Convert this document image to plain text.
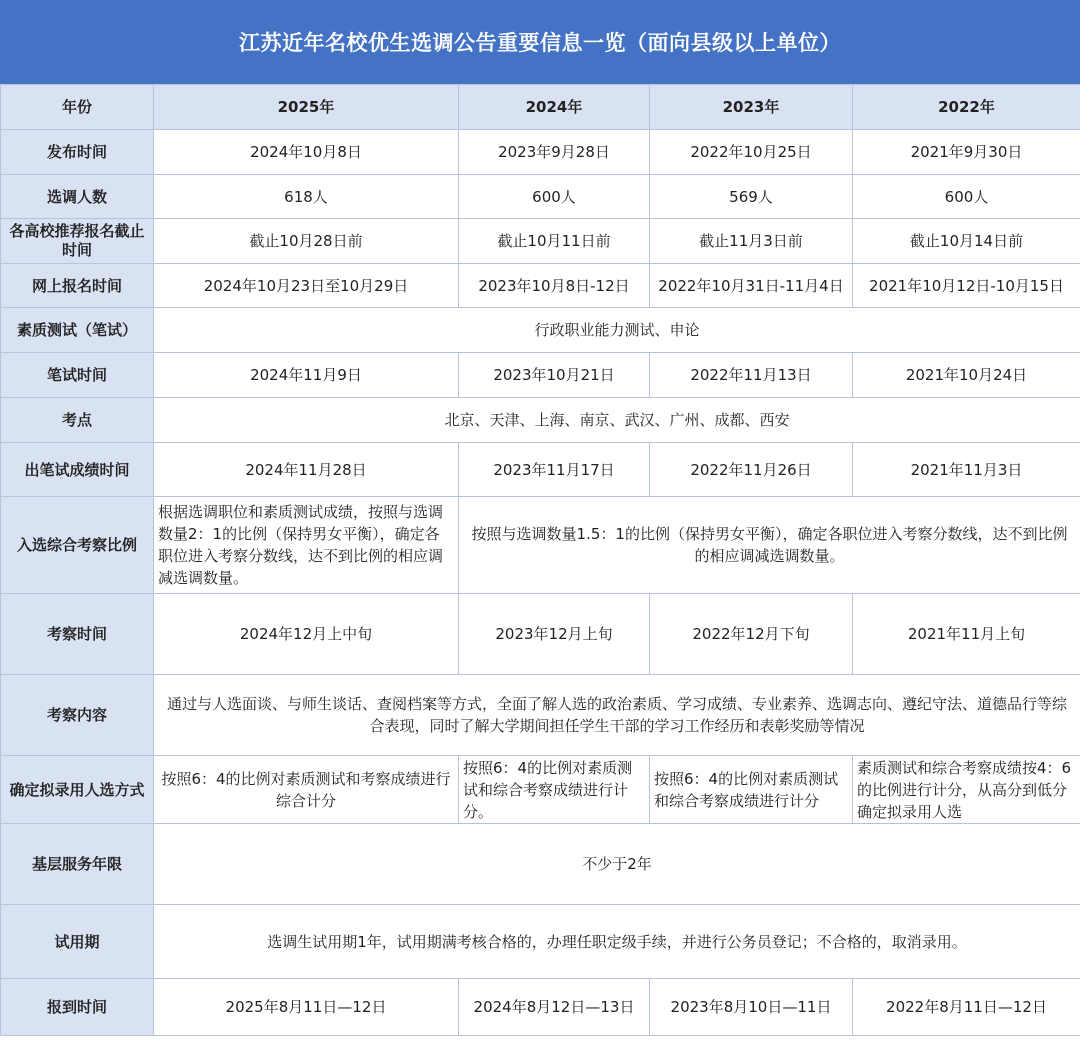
江苏近年名校优生选调公告重要信息一览（面向县级以上单位）
年份	2025年	2024年	2023年	2022年
发布时间	2024年10月8日	2023年9月28日	2022年10月25日	2021年9月30日
选调人数	618人	600人	569人	600人
各高校推荐报名截止时间	截止10月28日前	截止10月11日前	截止11月3日前	截止10月14日前
网上报名时间	2024年10月23日至10月29日	2023年10月8日-12日	2022年10月31日-11月4日	2021年10月12日-10月15日
素质测试（笔试）	行政职业能力测试、申论			
笔试时间	2024年11月9日	2023年10月21日	2022年11月13日	2021年10月24日
考点	北京、天津、上海、南京、武汉、广州、成都、西安			
出笔试成绩时间	2024年11月28日	2023年11月17日	2022年11月26日	2021年11月3日
入选综合考察比例	根据选调职位和素质测试成绩，按照与选调数量2：1的比例（保持男女平衡），确定各职位进入考察分数线，达不到比例的相应调减选调数量。	按照与选调数量1.5：1的比例（保持男女平衡），确定各职位进入考察分数线，达不到比例的相应调减选调数量。		
考察时间	2024年12月上中旬	2023年12月上旬	2022年12月下旬	2021年11月上旬
考察内容	通过与人选面谈、与师生谈话、查阅档案等方式，全面了解人选的政治素质、学习成绩、专业素养、选调志向、遵纪守法、道德品行等综合表现，同时了解大学期间担任学生干部的学习工作经历和表彰奖励等情况			
确定拟录用人选方式	按照6：4的比例对素质测试和考察成绩进行综合计分	按照6：4的比例对素质测试和综合考察成绩进行计分。	按照6：4的比例对素质测试和综合考察成绩进行计分	素质测试和综合考察成绩按4：6的比例进行计分，从高分到低分确定拟录用人选
基层服务年限	不少于2年			
试用期	选调生试用期1年，试用期满考核合格的，办理任职定级手续，并进行公务员登记；不合格的，取消录用。			
报到时间	2025年8月11日—12日	2024年8月12日—13日	2023年8月10日—11日	2022年8月11日—12日
